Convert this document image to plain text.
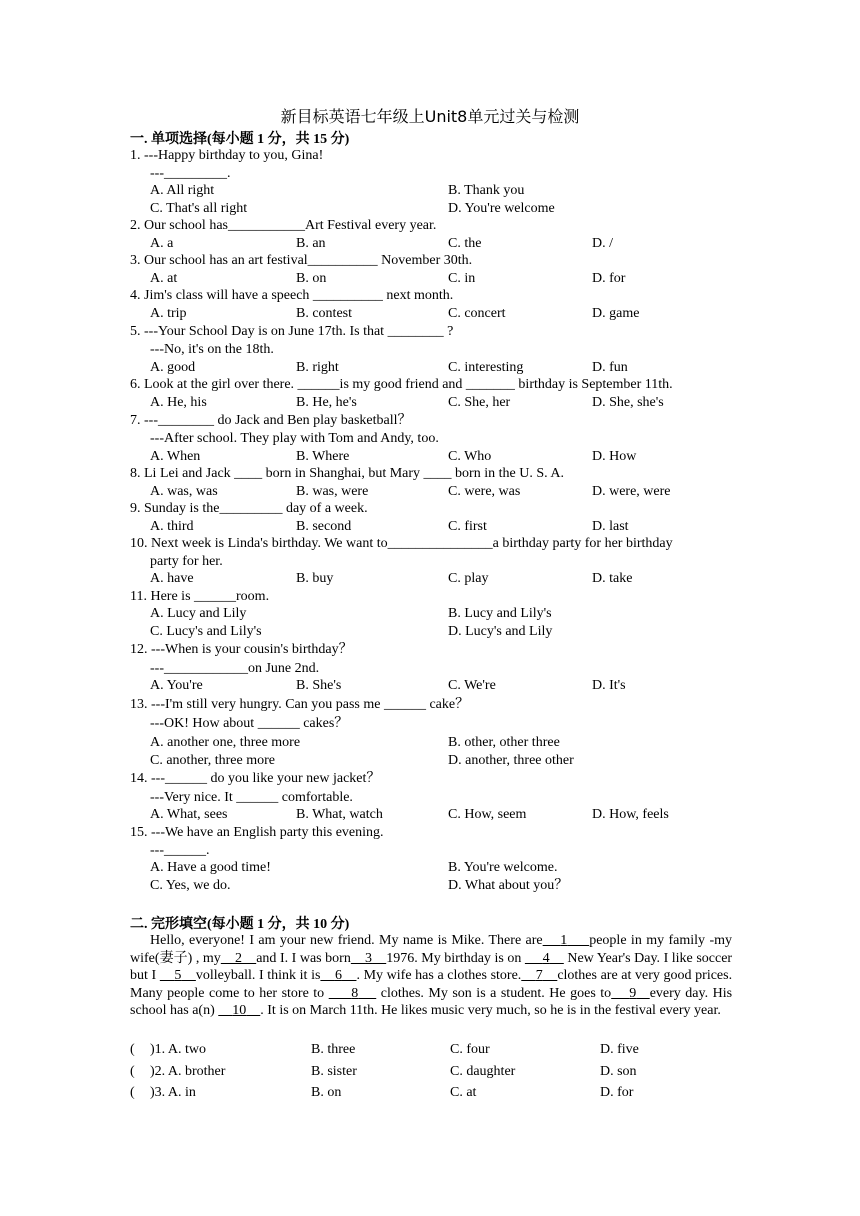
新目标英语七年级上Unit8单元过关与检测
一. 单项选择(每小题 1 分，共 15 分)
1. ---Happy birthday to you, Gina!
---_________.
A. All right	B. Thank you
C. That's all right	D. You're welcome
2. Our school has___________Art Festival every year.
A. a	B. an	C. the	D. /
3. Our school has an art festival__________ November 30th.
A. at	B. on	C. in	D. for
4. Jim's class will have a speech __________ next month.
A. trip	B. contest	C. concert	D. game
5. ---Your School Day is on June 17th. Is that ________ ?
---No, it's on the 18th.
A. good	B. right	C. interesting	D. fun
6. Look at the girl over there. ______is my good friend and _______ birthday is September 11th.
A. He, his	B. He, he's	C. She, her	D. She, she's
7. ---________ do Jack and Ben play basketball？
---After school. They play with Tom and Andy, too.
A. When	B. Where	C. Who	D. How
8. Li Lei and Jack ____ born in Shanghai, but Mary ____ born in the U. S. A.
A. was, was	B. was, were	C. were, was	D. were, were
9. Sunday is the_________ day of a week.
A. third	B. second	C. first	D. last
10. Next week is Linda's birthday. We want to_______________a birthday party for her birthday
party for her.
A. have	B. buy	C. play	D. take
11. Here is ______room.
A. Lucy and Lily	B. Lucy and Lily's
C. Lucy's and Lily's	D. Lucy's and Lily
12. ---When is your cousin's birthday？
---____________on June 2nd.
A. You're	B. She's	C. We're	D. It's
13. ---I'm still very hungry. Can you pass me ______ cake？
---OK! How about ______ cakes？
A. another one, three more	B. other, other three
C. another, three more	D. another, three other
14. ---______ do you like your new jacket？
---Very nice. It ______ comfortable.
A. What, sees	B. What, watch	C. How, seem	D. How, feels
15. ---We have an English party this evening.
---______.
A. Have a good time!	B. You're welcome.
C. Yes, we do.	D. What about you？
二. 完形填空(每小题 1 分，共 10 分)
Hello, everyone! I am your new friend. My name is Mike. There are 1 people in my family -my wife(妻子) , my 2 and I. I was born 3 1976. My birthday is on 4 New Year's Day. I like soccer but I 5 volleyball. I think it is 6 . My wife has a clothes store. 7 clothes are at very good prices. Many people come to her store to 8 clothes. My son is a student. He goes to 9 every day. His school has a(n) 10 . It is on March 11th. He likes music very much, so he is in the festival every year.
( )1. A. two	B. three	C. four	D. five
( )2. A. brother	B. sister	C. daughter	D. son
( )3. A. in	B. on	C. at	D. for
